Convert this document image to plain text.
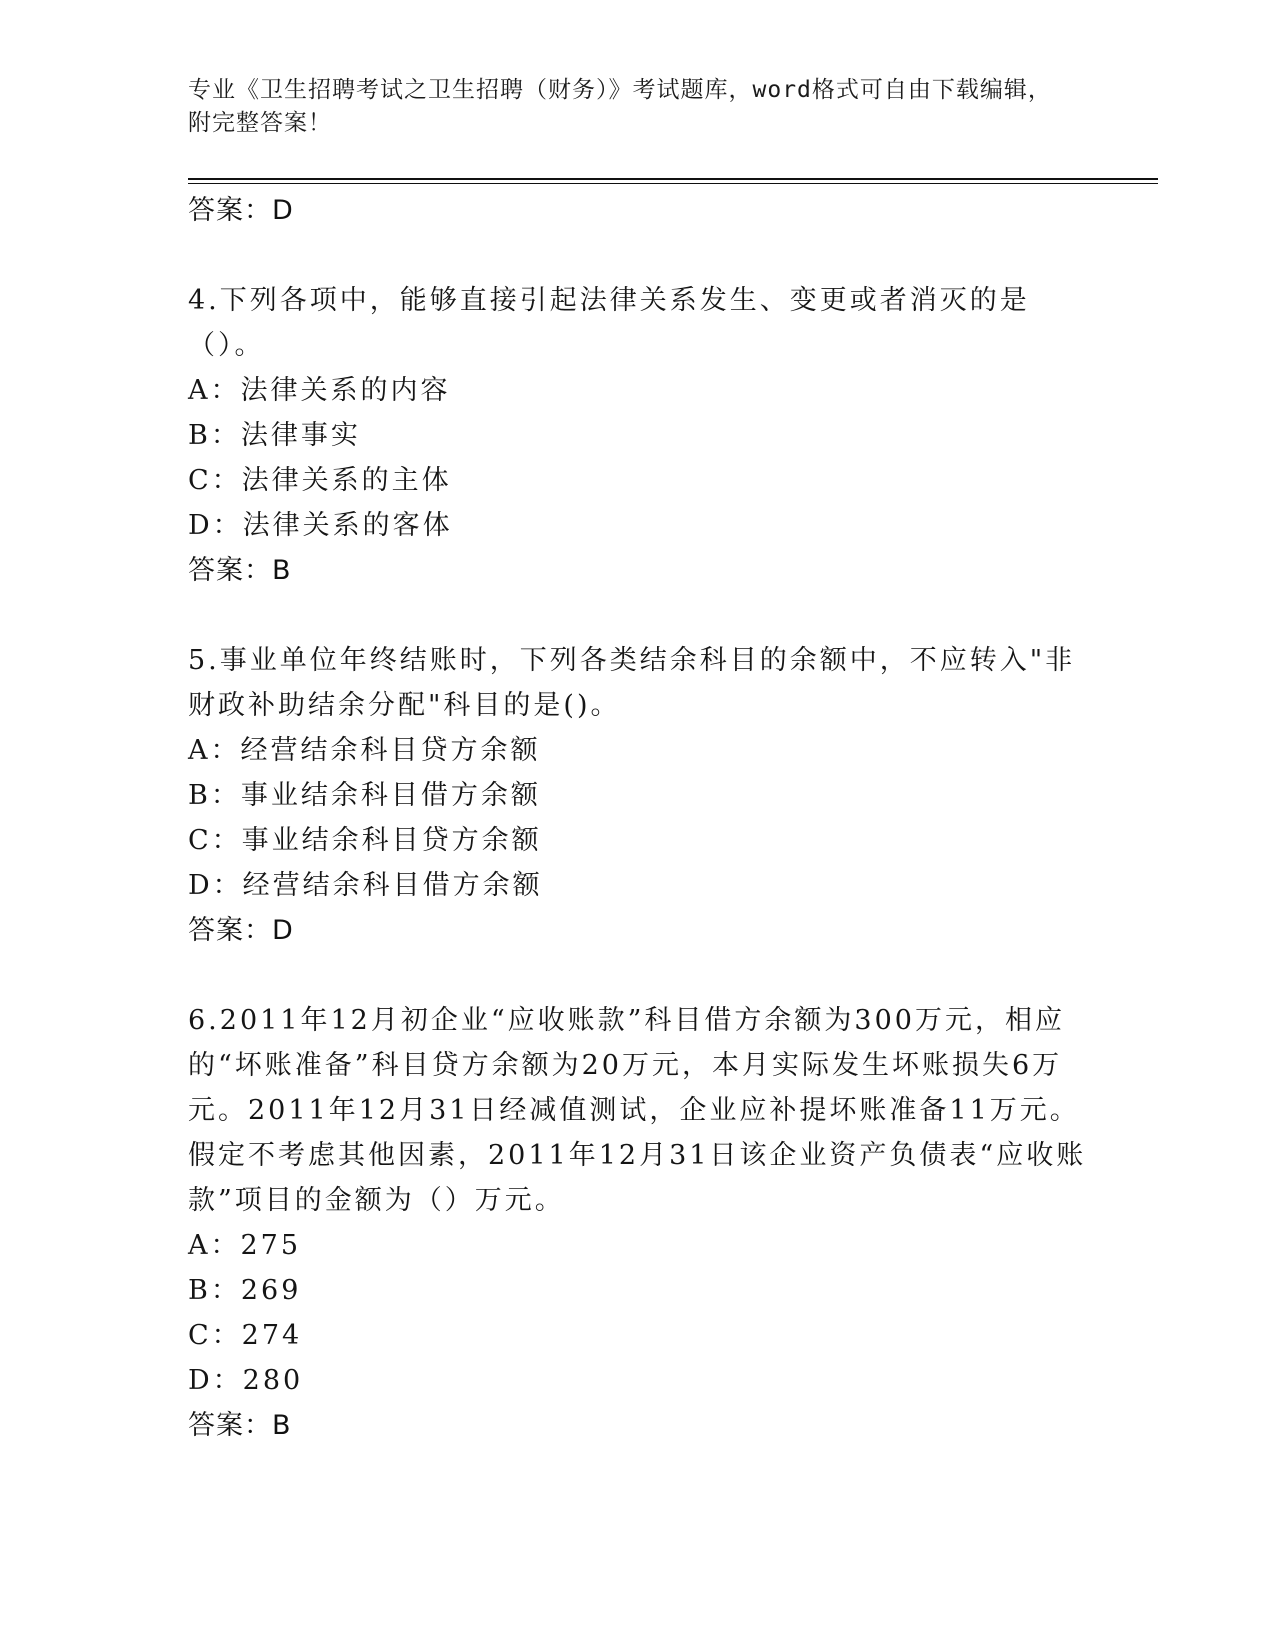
专业《卫生招聘考试之卫生招聘（财务）》考试题库，word格式可自由下载编辑，附完整答案！
答案：D
4.下列各项中，能够直接引起法律关系发生、变更或者消灭的是（）。
A：法律关系的内容
B：法律事实
C：法律关系的主体
D：法律关系的客体
答案：B
5.事业单位年终结账时，下列各类结余科目的余额中，不应转入"非财政补助结余分配"科目的是()。
A：经营结余科目贷方余额
B：事业结余科目借方余额
C：事业结余科目贷方余额
D：经营结余科目借方余额
答案：D
6.2011年12月初企业“应收账款”科目借方余额为300万元，相应的“坏账准备”科目贷方余额为20万元，本月实际发生坏账损失6万元。2011年12月31日经减值测试，企业应补提坏账准备11万元。假定不考虑其他因素，2011年12月31日该企业资产负债表“应收账款”项目的金额为（）万元。
A：275
B：269
C：274
D：280
答案：B
